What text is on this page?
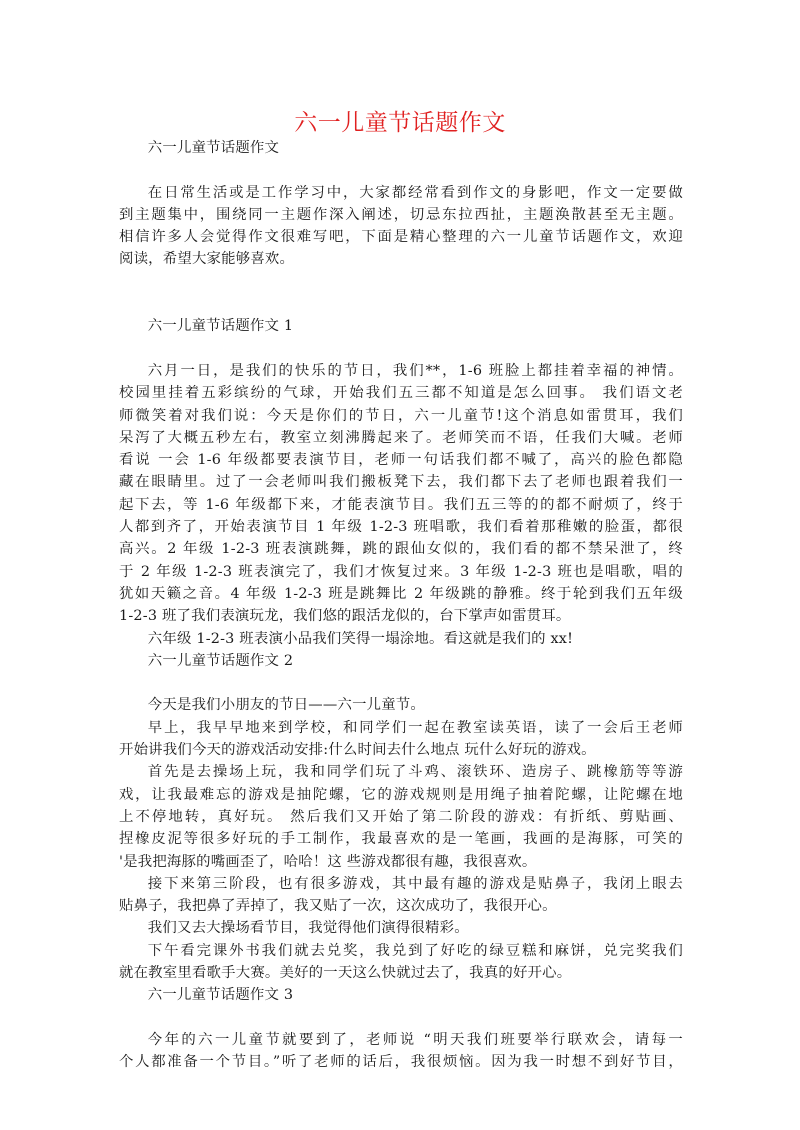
六一儿童节话题作文
六一儿童节话题作文
在日常生活或是工作学习中，大家都经常看到作文的身影吧，作文一定要做
到主题集中，围绕同一主题作深入阐述，切忌东拉西扯，主题涣散甚至无主题。
相信许多人会觉得作文很难写吧，下面是精心整理的六一儿童节话题作文，欢迎
阅读，希望大家能够喜欢。
六一儿童节话题作文 1
六月一日，是我们的快乐的节日，我们**，1-6 班脸上都挂着幸福的神情。
校园里挂着五彩缤纷的气球，开始我们五三都不知道是怎么回事。 我们语文老
师微笑着对我们说：今天是你们的节日，六一儿童节!这个消息如雷贯耳，我们
呆泻了大概五秒左右，教室立刻沸腾起来了。老师笑而不语，任我们大喊。老师
看说 一会 1-6 年级都要表演节目，老师一句话我们都不喊了，高兴的脸色都隐
藏在眼睛里。过了一会老师叫我们搬板凳下去，我们都下去了老师也跟着我们一
起下去，等 1-6 年级都下来，才能表演节目。我们五三等的的都不耐烦了，终于
人都到齐了，开始表演节目 1 年级 1-2-3 班唱歌，我们看着那稚嫩的脸蛋，都很
高兴。2 年级 1-2-3 班表演跳舞，跳的跟仙女似的，我们看的都不禁呆泄了，终
于 2 年级 1-2-3 班表演完了，我们才恢复过来。3 年级 1-2-3 班也是唱歌，唱的
犹如天籁之音。4 年级 1-2-3 班是跳舞比 2 年级跳的静雅。终于轮到我们五年级
1-2-3 班了我们表演玩龙，我们悠的跟活龙似的，台下掌声如雷贯耳。
六年级 1-2-3 班表演小品我们笑得一塌涂地。看这就是我们的 xx!
六一儿童节话题作文 2
今天是我们小朋友的节日——六一儿童节。
早上，我早早地来到学校，和同学们一起在教室读英语，读了一会后王老师
开始讲我们今天的游戏活动安排:什么时间去什么地点 玩什么好玩的游戏。
首先是去操场上玩，我和同学们玩了斗鸡、滚铁环、造房子、跳橡筋等等游
戏，让我最难忘的游戏是抽陀螺，它的游戏规则是用绳子抽着陀螺，让陀螺在地
上不停地转，真好玩。 然后我们又开始了第二阶段的游戏：有折纸、剪贴画、
捏橡皮泥等很多好玩的手工制作，我最喜欢的是一笔画，我画的是海豚，可笑的
'是我把海豚的嘴画歪了，哈哈！这 些游戏都很有趣，我很喜欢。
接下来第三阶段，也有很多游戏，其中最有趣的游戏是贴鼻子，我闭上眼去
贴鼻子，我把鼻了弄掉了，我又贴了一次，这次成功了，我很开心。
我们又去大操场看节目，我觉得他们演得很精彩。
下午看完课外书我们就去兑奖，我兑到了好吃的绿豆糕和麻饼，兑完奖我们
就在教室里看歌手大赛。美好的一天这么快就过去了，我真的好开心。
六一儿童节话题作文 3
今年的六一儿童节就要到了，老师说 “明天我们班要举行联欢会，请每一
个人都准备一个节目。”听了老师的话后，我很烦恼。因为我一时想不到好节目，
